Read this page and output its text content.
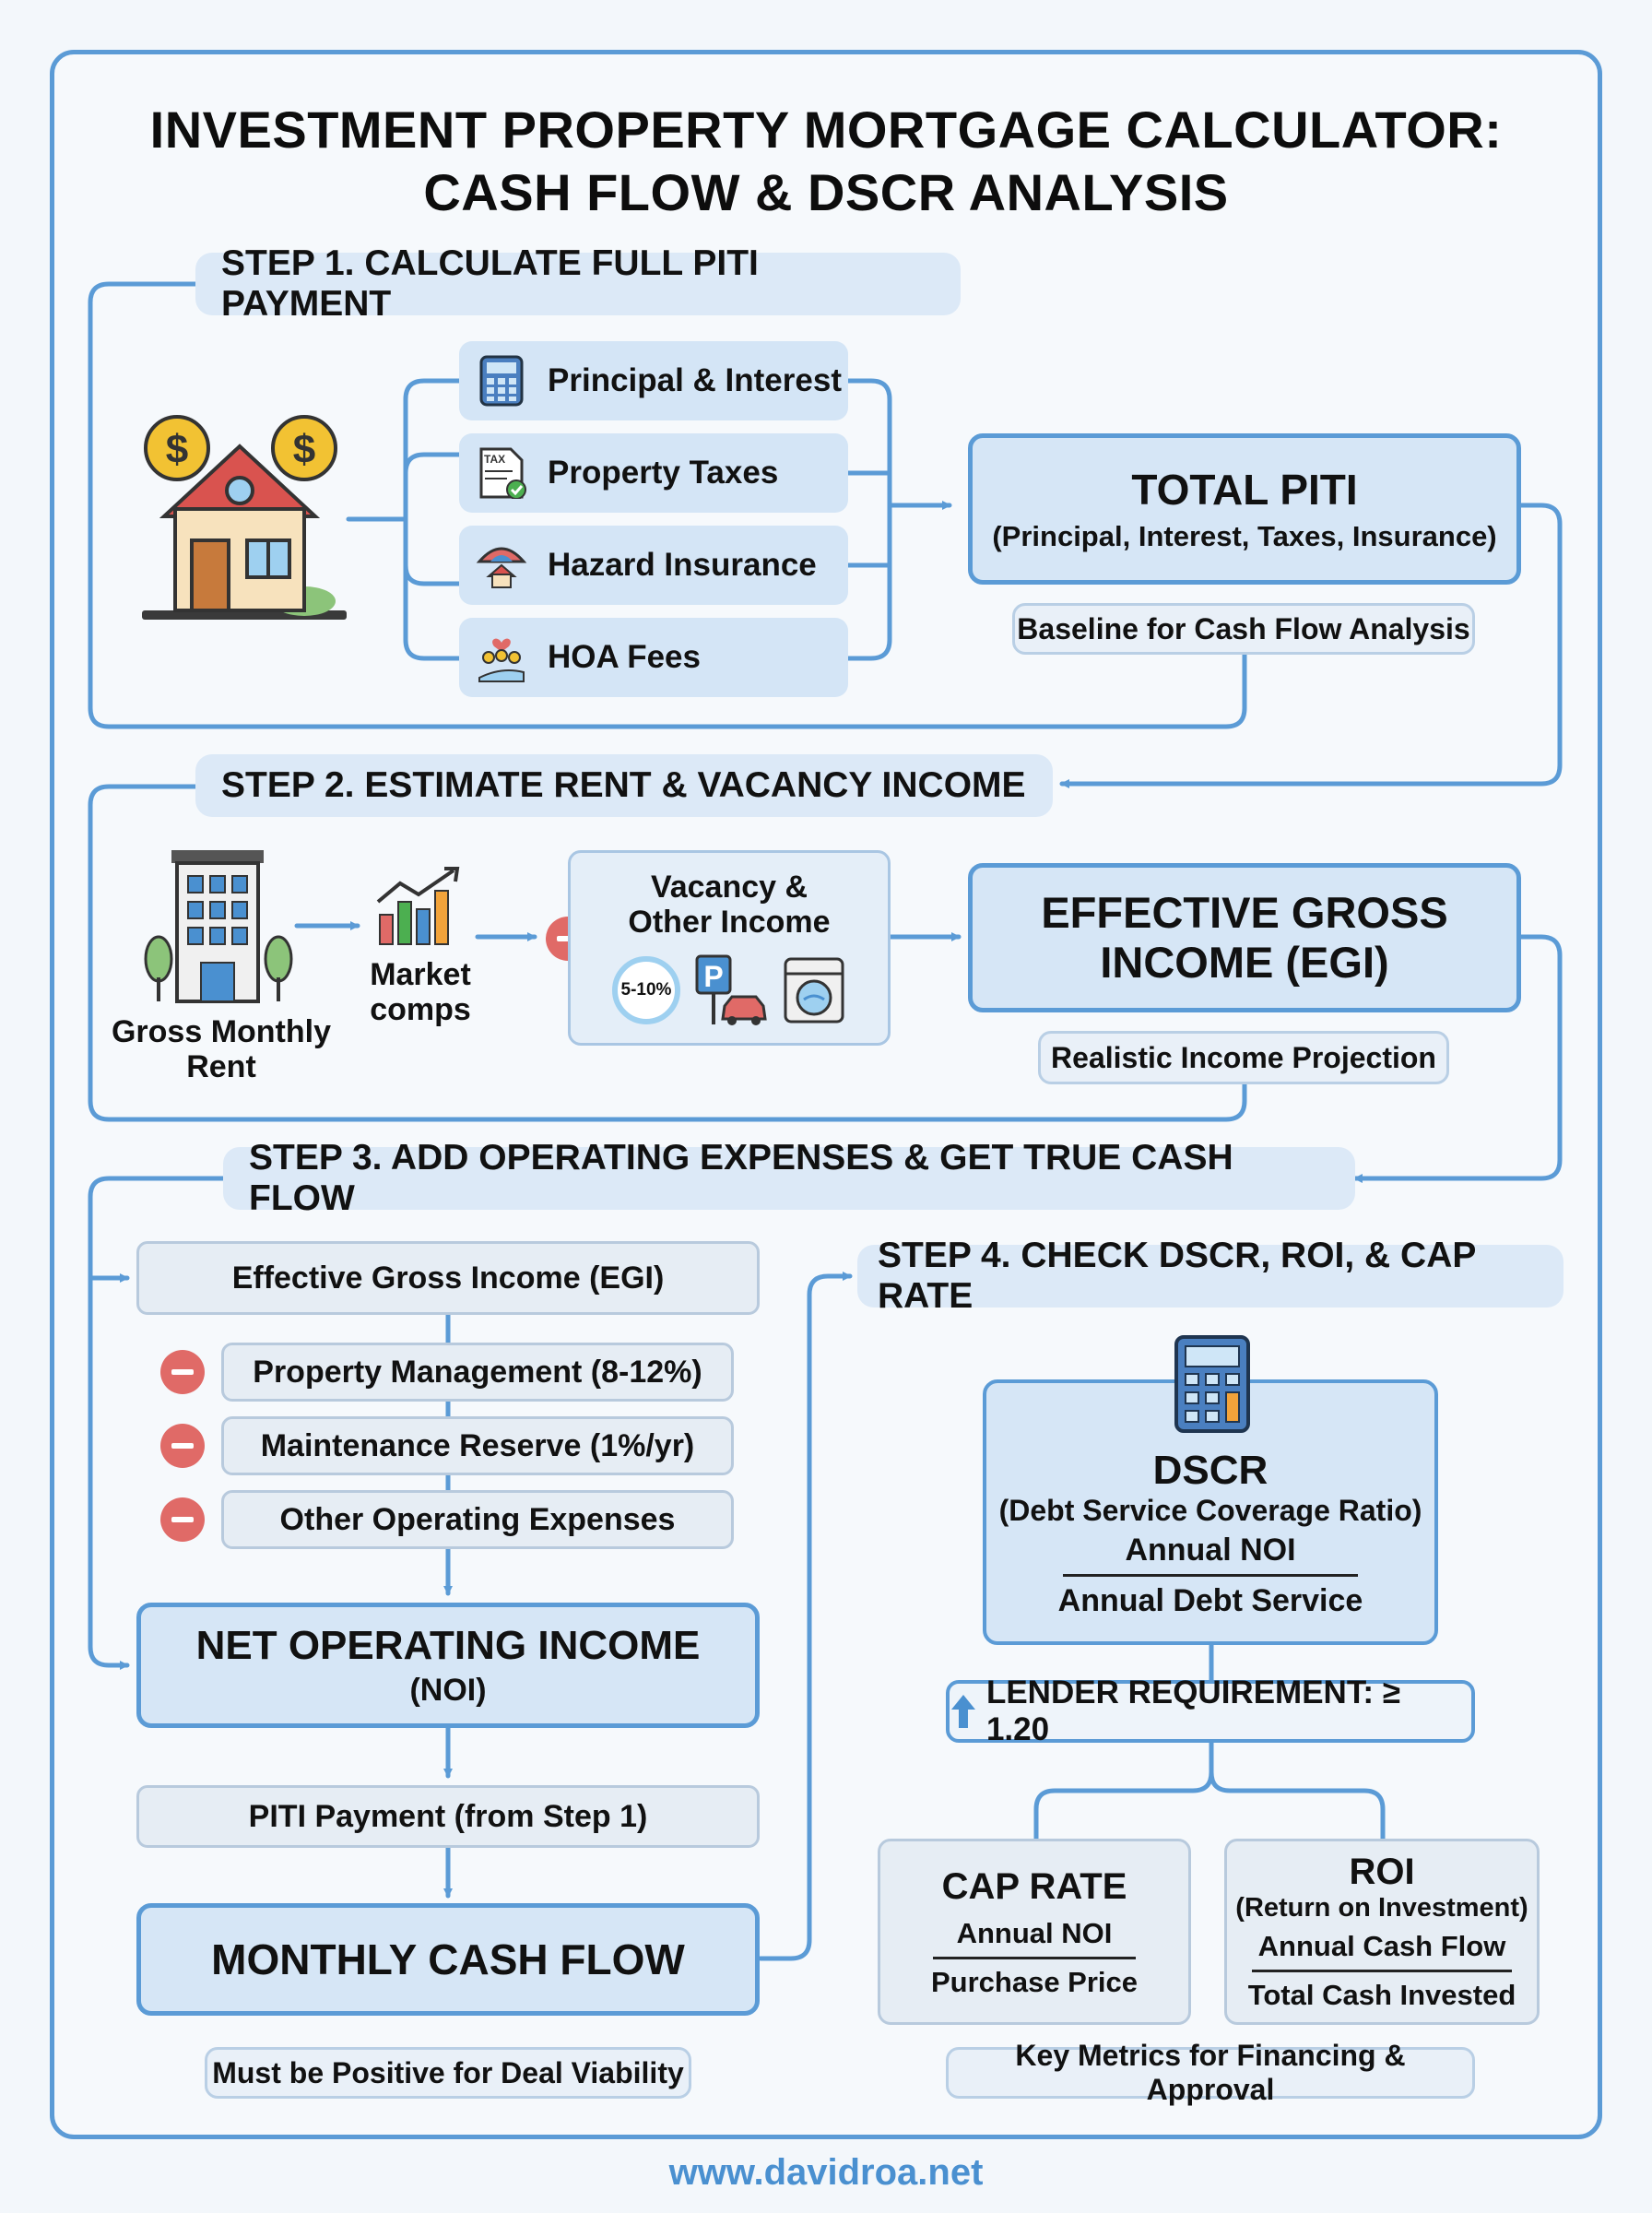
INVESTMENT PROPERTY MORTGAGE CALCULATOR:
CASH FLOW & DSCR ANALYSIS
STEP 1. CALCULATE FULL PITI PAYMENT
$	$
Principal & Interest
TAX Property Taxes
Hazard Insurance
HOA Fees
TOTAL PITI
(Principal, Interest, Taxes, Insurance)
Baseline for Cash Flow Analysis
STEP 2. ESTIMATE RENT & VACANCY INCOME
Gross Monthly
Rent
Market
comps
Vacancy &
Other Income
5-10% P
EFFECTIVE GROSS
INCOME (EGI)
Realistic Income Projection
STEP 3. ADD OPERATING EXPENSES & GET TRUE CASH FLOW
Effective Gross Income (EGI)
Property Management (8-12%)
Maintenance Reserve (1%/yr)
Other Operating Expenses
NET OPERATING INCOME
(NOI)
PITI Payment (from Step 1)
MONTHLY CASH FLOW
Must be Positive for Deal Viability
STEP 4. CHECK DSCR, ROI, & CAP RATE
DSCR
(Debt Service Coverage Ratio)
Annual NOI
Annual Debt Service
LENDER REQUIREMENT: ≥ 1.20
CAP RATE
Annual NOI
Purchase Price
ROI
(Return on Investment)
Annual Cash Flow
Total Cash Invested
Key Metrics for Financing & Approval
www.davidroa.net
